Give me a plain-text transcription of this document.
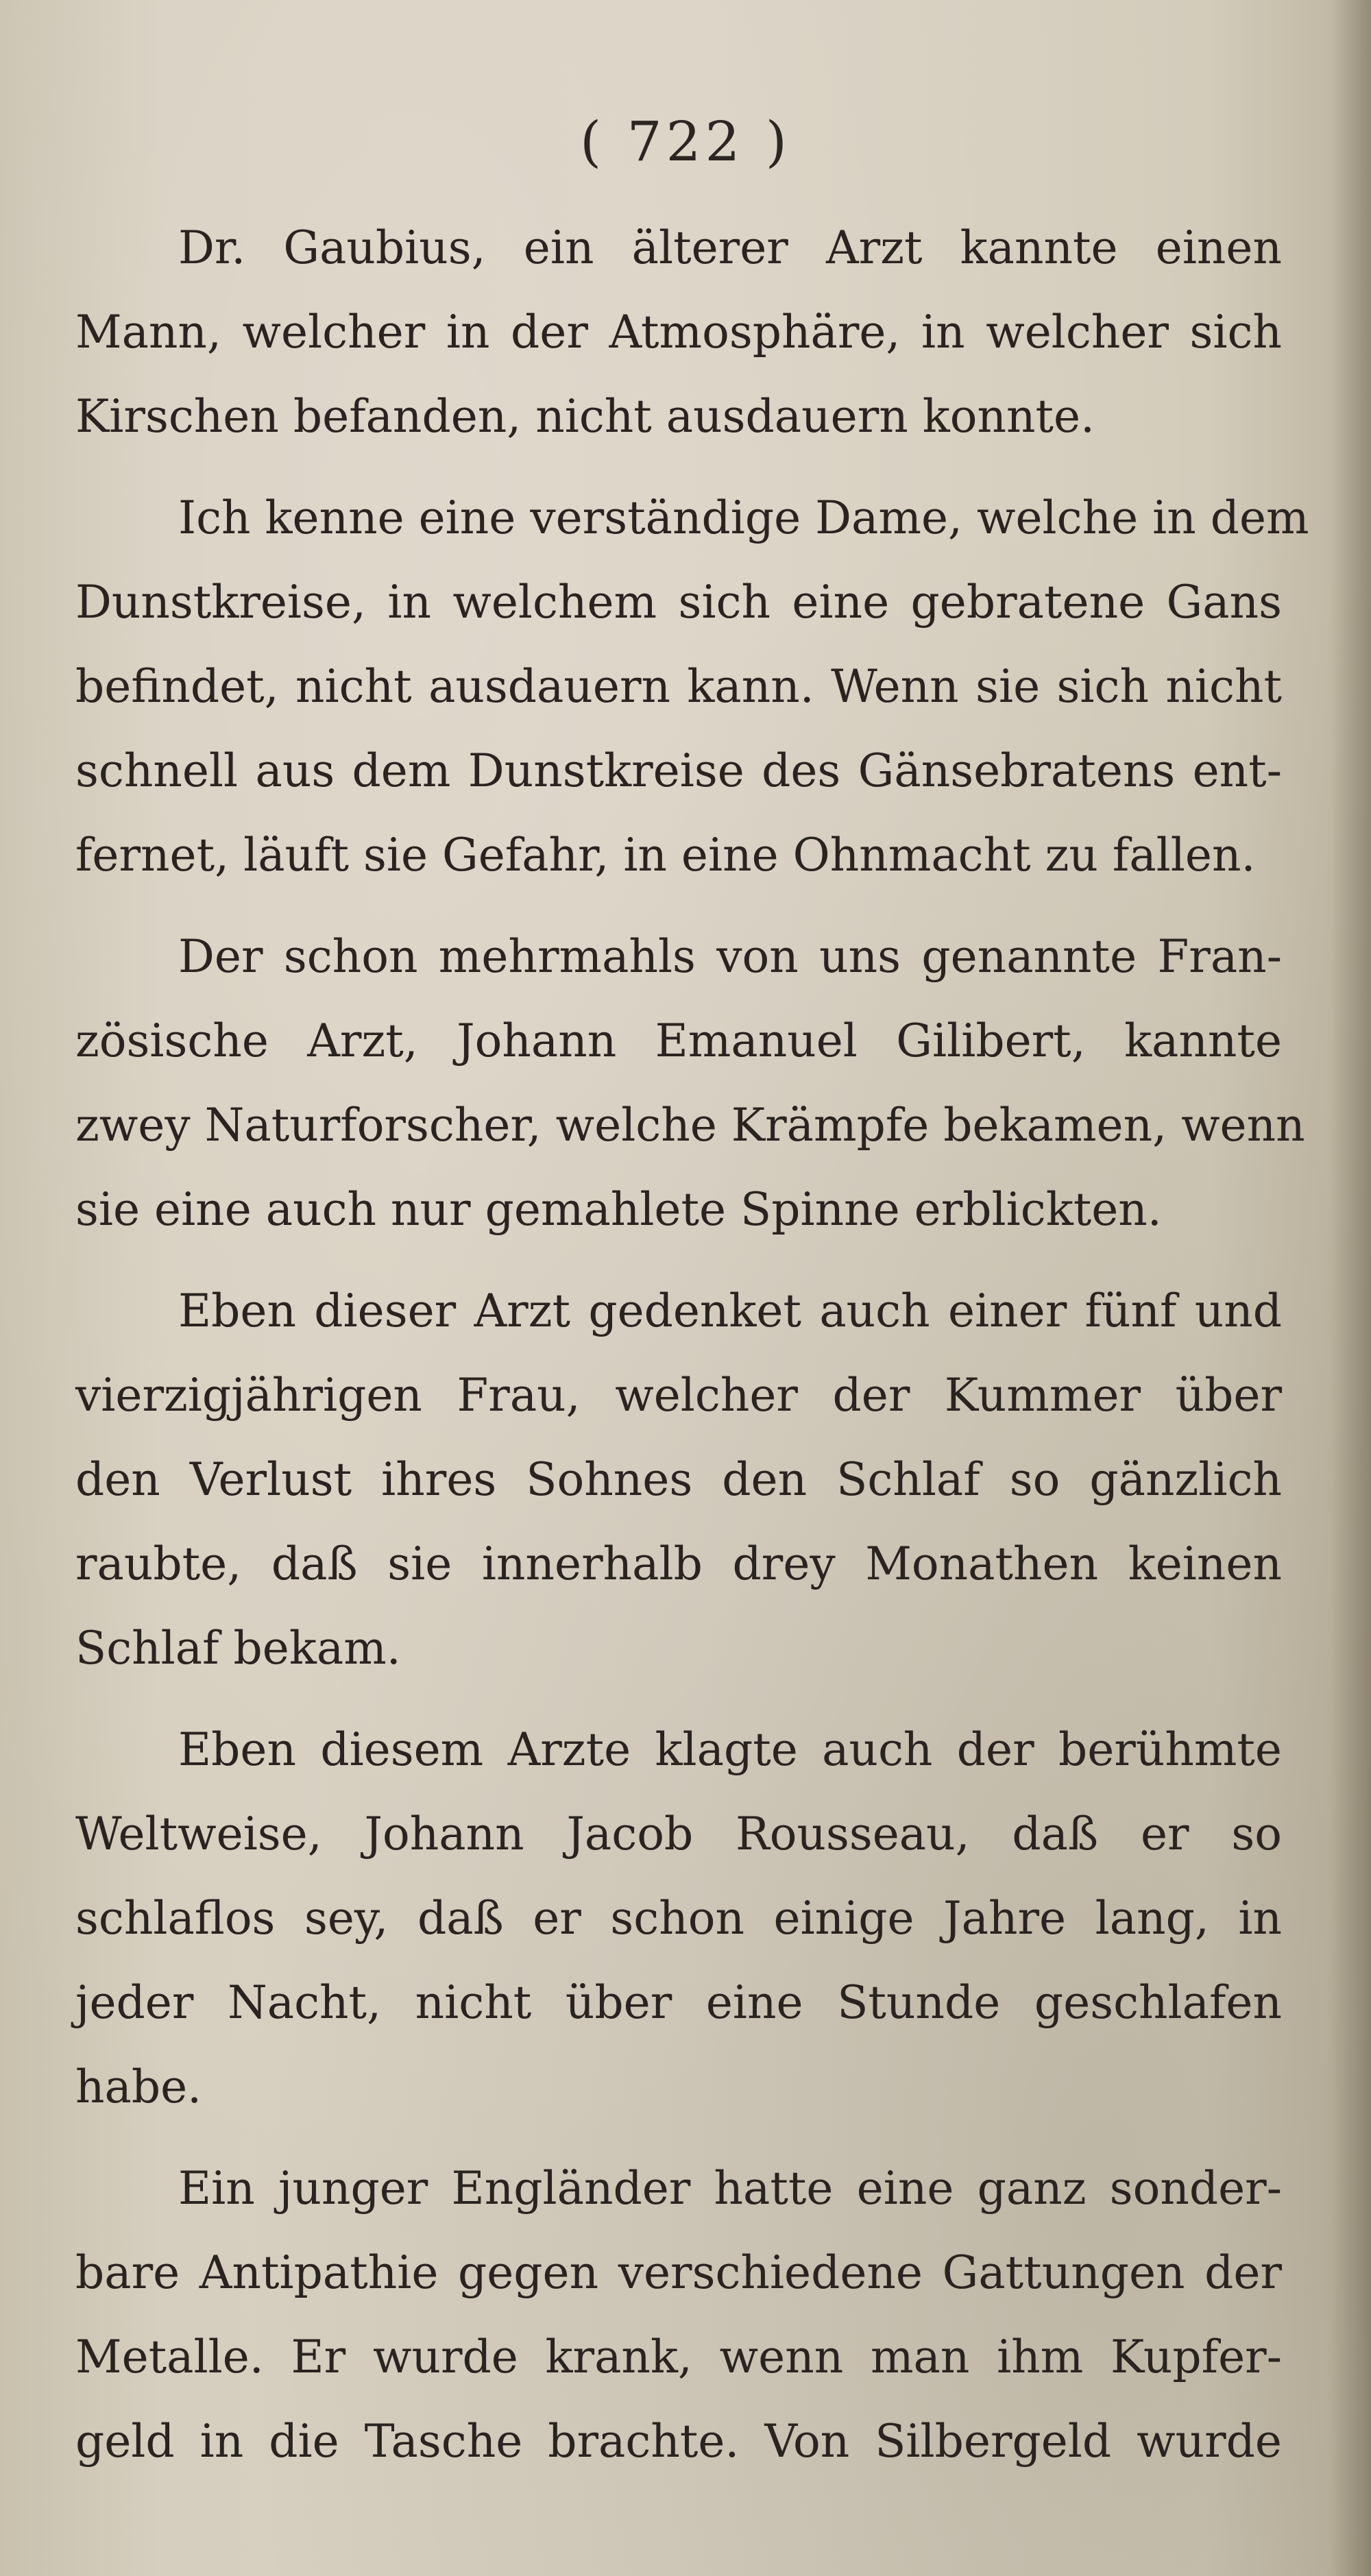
( 722 )
Dr. Gaubius, ein älterer Arzt kannte einen
Mann, welcher in der Atmosphäre, in welcher sich
Kirschen befanden, nicht ausdauern konnte.
Ich kenne eine verständige Dame, welche in dem
Dunstkreise, in welchem sich eine gebratene Gans
befindet, nicht ausdauern kann. Wenn sie sich nicht
schnell aus dem Dunstkreise des Gänsebratens ent-
fernet, läuft sie Gefahr, in eine Ohnmacht zu fallen.
Der schon mehrmahls von uns genannte Fran-
zösische Arzt, Johann Emanuel Gilibert, kannte
zwey Naturforscher, welche Krämpfe bekamen, wenn
sie eine auch nur gemahlete Spinne erblickten.
Eben dieser Arzt gedenket auch einer fünf und
vierzigjährigen Frau, welcher der Kummer über
den Verlust ihres Sohnes den Schlaf so gänzlich
raubte, daß sie innerhalb drey Monathen keinen
Schlaf bekam.
Eben diesem Arzte klagte auch der berühmte
Weltweise, Johann Jacob Rousseau, daß er so
schlaflos sey, daß er schon einige Jahre lang, in
jeder Nacht, nicht über eine Stunde geschlafen
habe.
Ein junger Engländer hatte eine ganz sonder-
bare Antipathie gegen verschiedene Gattungen der
Metalle. Er wurde krank, wenn man ihm Kupfer-
geld in die Tasche brachte. Von Silbergeld wurde
